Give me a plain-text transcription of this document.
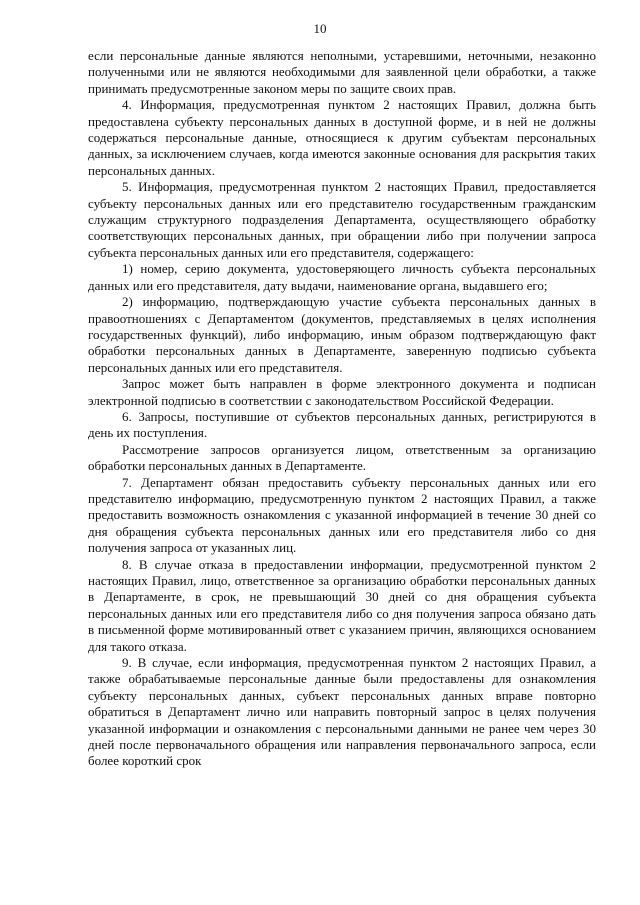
10

если персональные данные являются неполными, устаревшими, неточными, незаконно полученными или не являются необходимыми для заявленной цели обработки, а также принимать предусмотренные законом меры по защите своих прав.

4. Информация, предусмотренная пунктом 2 настоящих Правил, должна быть предоставлена субъекту персональных данных в доступной форме, и в ней не должны содержаться персональные данные, относящиеся к другим субъектам персональных данных, за исключением случаев, когда имеются законные основания для раскрытия таких персональных данных.

5. Информация, предусмотренная пунктом 2 настоящих Правил, предоставляется субъекту персональных данных или его представителю государственным гражданским служащим структурного подразделения Департамента, осуществляющего обработку соответствующих персональных данных, при обращении либо при получении запроса субъекта персональных данных или его представителя, содержащего:

1) номер, серию документа, удостоверяющего личность субъекта персональных данных или его представителя, дату выдачи, наименование органа, выдавшего его;

2) информацию, подтверждающую участие субъекта персональных данных в правоотношениях с Департаментом (документов, представляемых в целях исполнения государственных функций), либо информацию, иным образом подтверждающую факт обработки персональных данных в Департаменте, заверенную подписью субъекта персональных данных или его представителя.

Запрос может быть направлен в форме электронного документа и подписан электронной подписью в соответствии с законодательством Российской Федерации.

6. Запросы, поступившие от субъектов персональных данных, регистрируются в день их поступления.

Рассмотрение запросов организуется лицом, ответственным за организацию обработки персональных данных в Департаменте.

7. Департамент обязан предоставить субъекту персональных данных или его представителю информацию, предусмотренную пунктом 2 настоящих Правил, а также предоставить возможность ознакомления с указанной информацией в течение 30 дней со дня обращения субъекта персональных данных или его представителя либо со дня получения запроса от указанных лиц.

8. В случае отказа в предоставлении информации, предусмотренной пунктом 2 настоящих Правил, лицо, ответственное за организацию обработки персональных данных в Департаменте, в срок, не превышающий 30 дней со дня обращения субъекта персональных данных или его представителя либо со дня получения запроса обязано дать в письменной форме мотивированный ответ с указанием причин, являющихся основанием для такого отказа.

9. В случае, если информация, предусмотренная пунктом 2 настоящих Правил, а также обрабатываемые персональные данные были предоставлены для ознакомления субъекту персональных данных, субъект персональных данных вправе повторно обратиться в Департамент лично или направить повторный запрос в целях получения указанной информации и ознакомления с персональными данными не ранее чем через 30 дней после первоначального обращения или направления первоначального запроса, если более короткий срок
